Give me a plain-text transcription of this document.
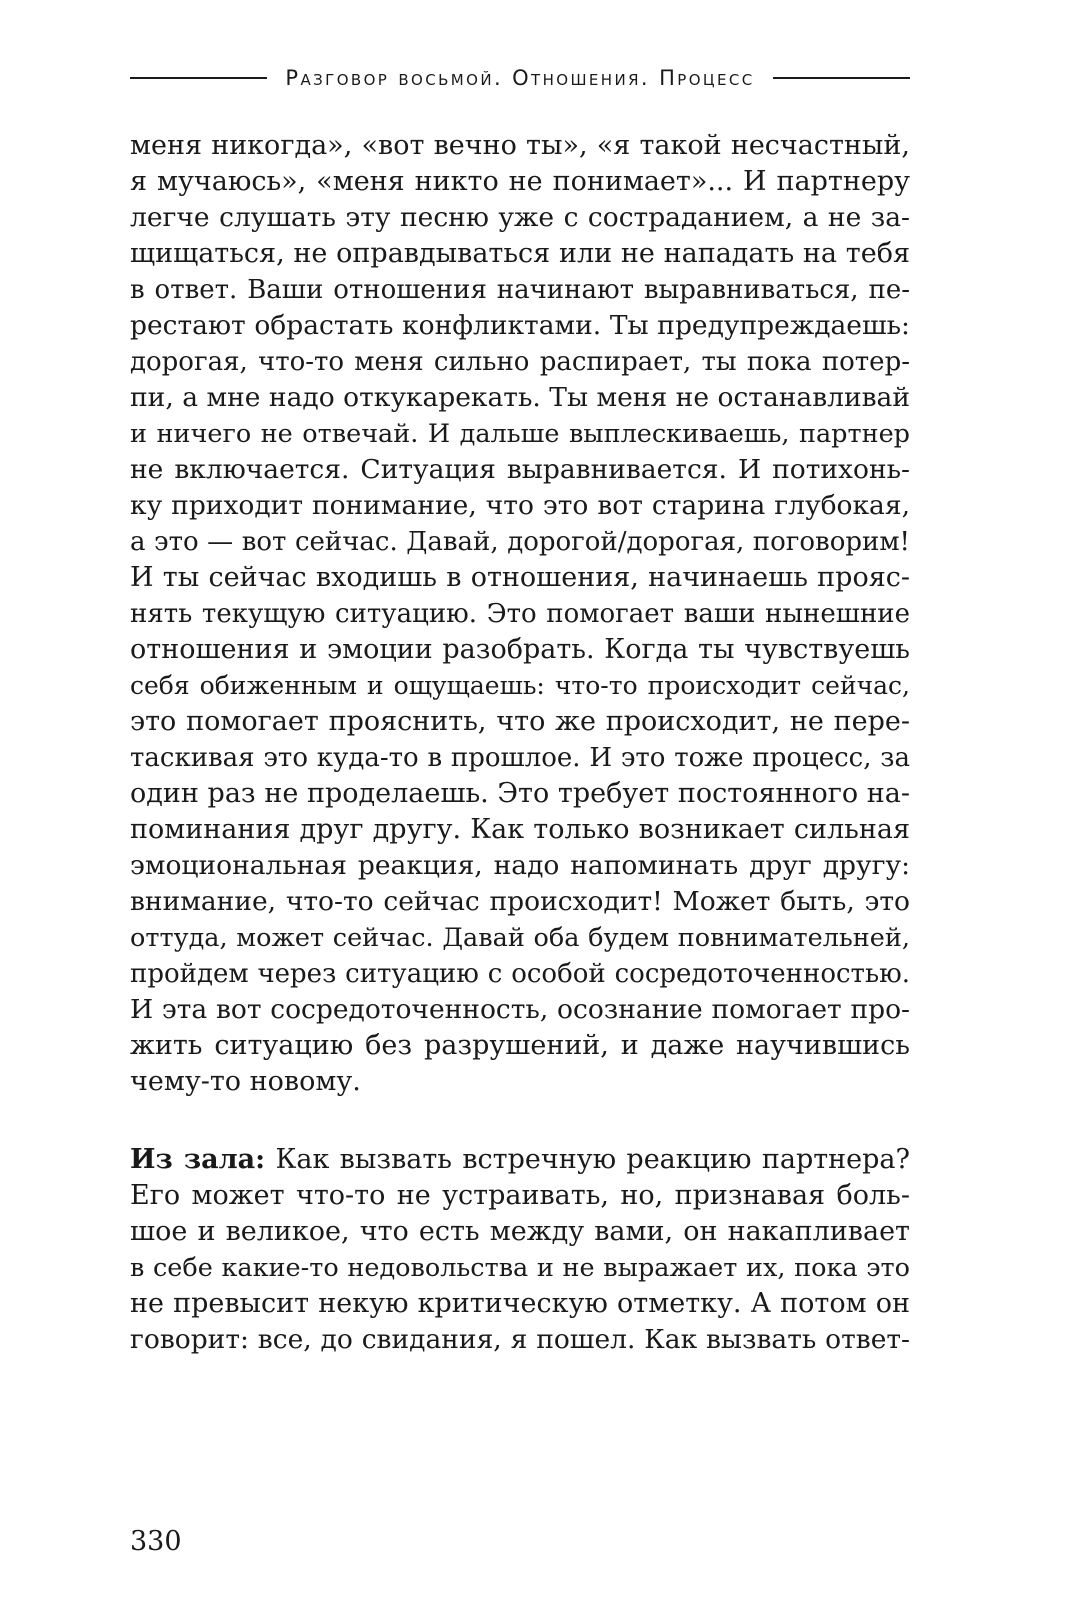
Разговор восьмой. Отношения. Процесс
меня никогда», «вот вечно ты», «я такой несчастный,
я мучаюсь», «меня никто не понимает»... И партнеру
легче слушать эту песню уже с состраданием, а не за-
щищаться, не оправдываться или не нападать на тебя
в ответ. Ваши отношения начинают выравниваться, пе-
рестают обрастать конфликтами. Ты предупреждаешь:
дорогая, что-то меня сильно распирает, ты пока потер-
пи, а мне надо откукарекать. Ты меня не останавливай
и ничего не отвечай. И дальше выплескиваешь, партнер
не включается. Ситуация выравнивается. И потихонь-
ку приходит понимание, что это вот старина глубокая,
а это — вот сейчас. Давай, дорогой/дорогая, поговорим!
И ты сейчас входишь в отношения, начинаешь прояс-
нять текущую ситуацию. Это помогает ваши нынешние
отношения и эмоции разобрать. Когда ты чувствуешь
себя обиженным и ощущаешь: что-то происходит сейчас,
это помогает прояснить, что же происходит, не пере-
таскивая это куда-то в прошлое. И это тоже процесс, за
один раз не проделаешь. Это требует постоянного на-
поминания друг другу. Как только возникает сильная
эмоциональная реакция, надо напоминать друг другу:
внимание, что-то сейчас происходит! Может быть, это
оттуда, может сейчас. Давай оба будем повнимательней,
пройдем через ситуацию с особой сосредоточенностью.
И эта вот сосредоточенность, осознание помогает про-
жить ситуацию без разрушений, и даже научившись
чему-то новому.
Из зала: Как вызвать встречную реакцию партнера?
Его может что-то не устраивать, но, признавая боль-
шое и великое, что есть между вами, он накапливает
в себе какие-то недовольства и не выражает их, пока это
не превысит некую критическую отметку. А потом он
говорит: все, до свидания, я пошел. Как вызвать ответ-
330
